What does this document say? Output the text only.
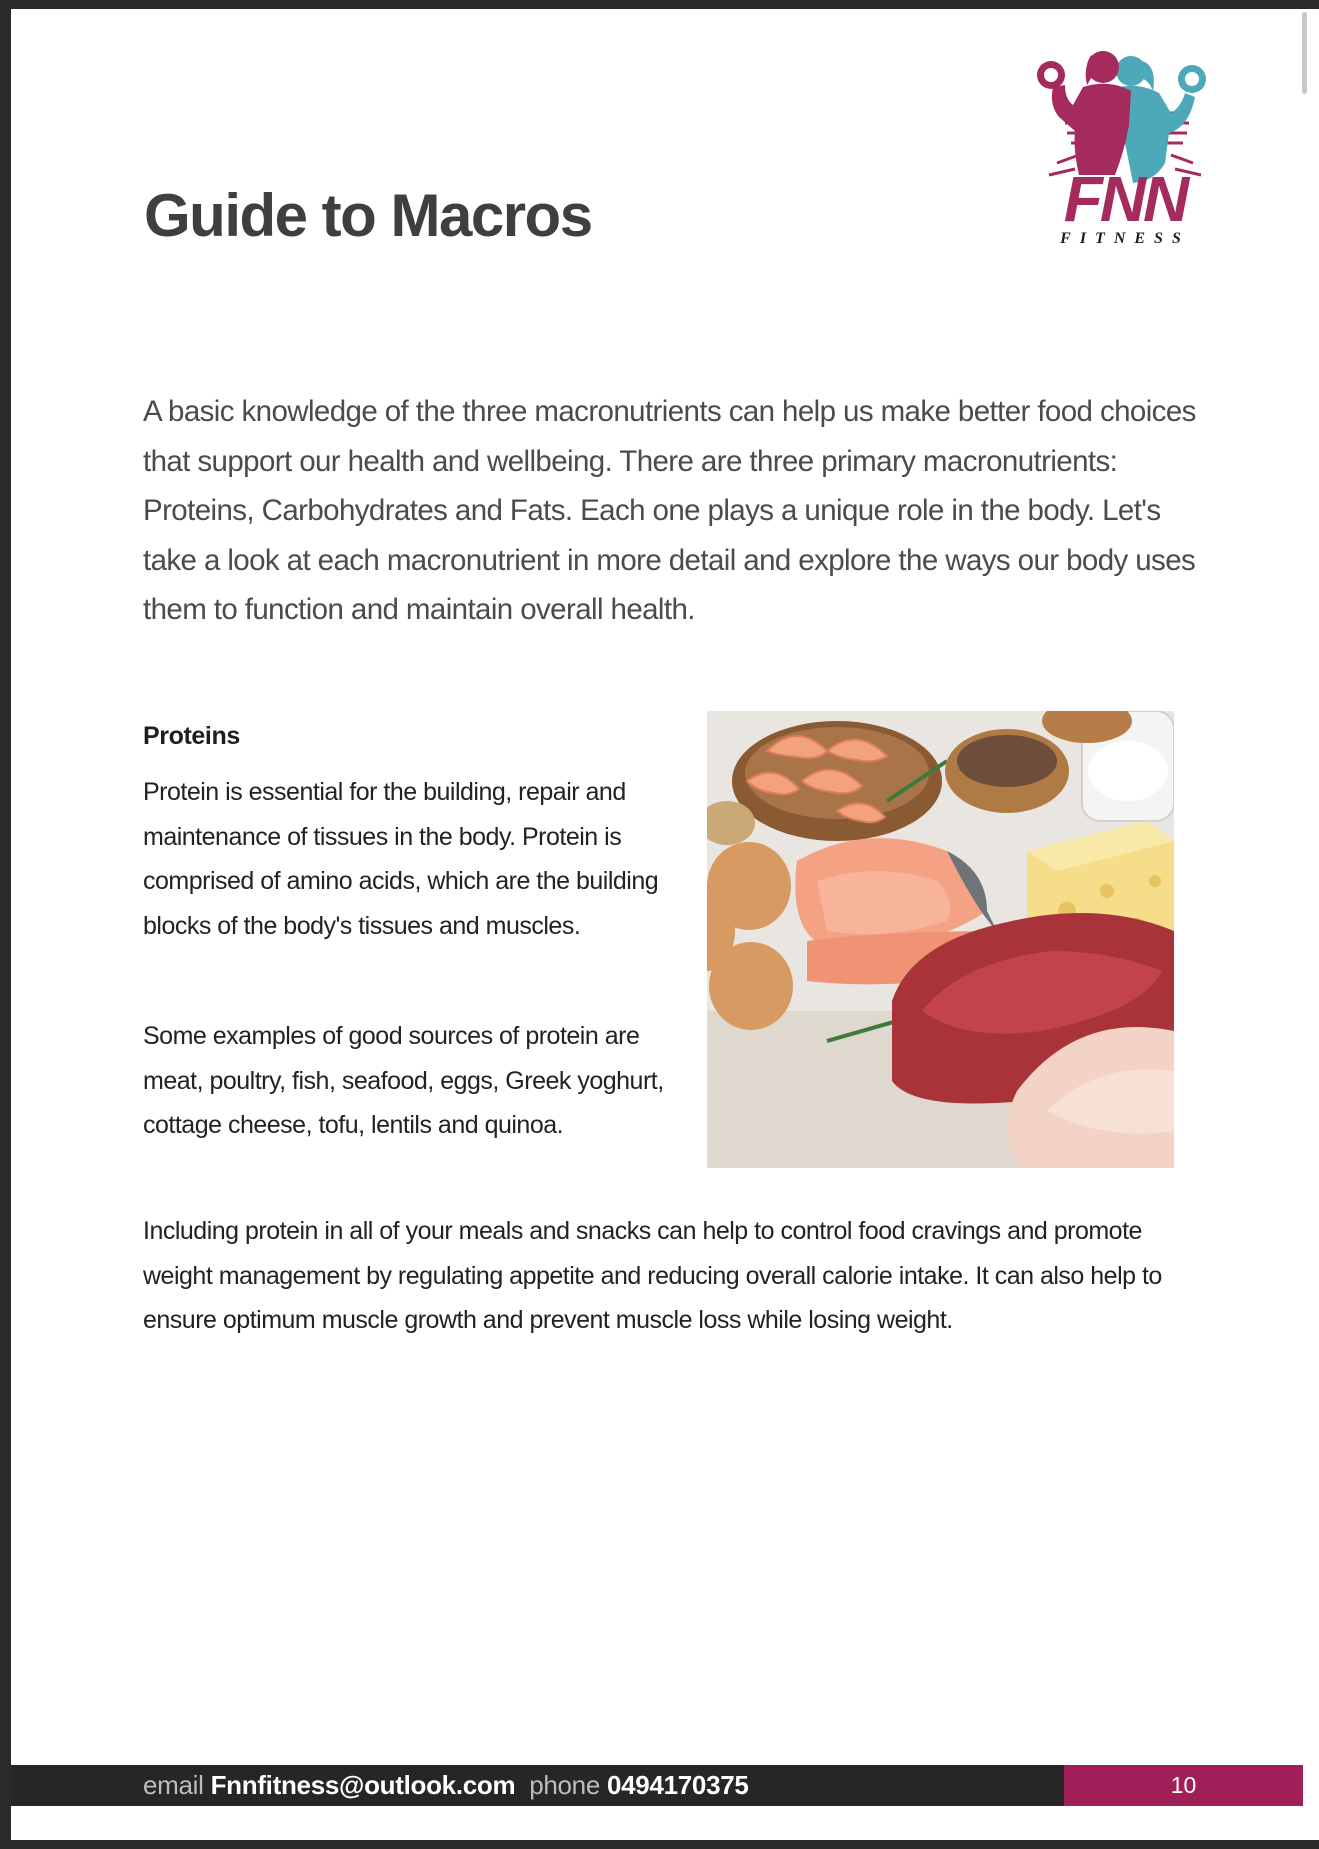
Guide to Macros	FNN
FITNESS

A basic knowledge of the three macronutrients can help us make better food choices that support our health and wellbeing. There are three primary macronutrients: Proteins, Carbohydrates and Fats. Each one plays a unique role in the body. Let's take a look at each macronutrient in more detail and explore the ways our body uses them to function and maintain overall health.

Proteins

Protein is essential for the building, repair and maintenance of tissues in the body. Protein is comprised of amino acids, which are the building blocks of the body's tissues and muscles.

Some examples of good sources of protein are meat, poultry, fish, seafood, eggs, Greek yoghurt, cottage cheese, tofu, lentils and quinoa.

Including protein in all of your meals and snacks can help to control food cravings and promote weight management by regulating appetite and reducing overall calorie intake. It can also help to ensure optimum muscle growth and prevent muscle loss while losing weight.

email Fnnfitness@outlook.com phone 0494170375	10
